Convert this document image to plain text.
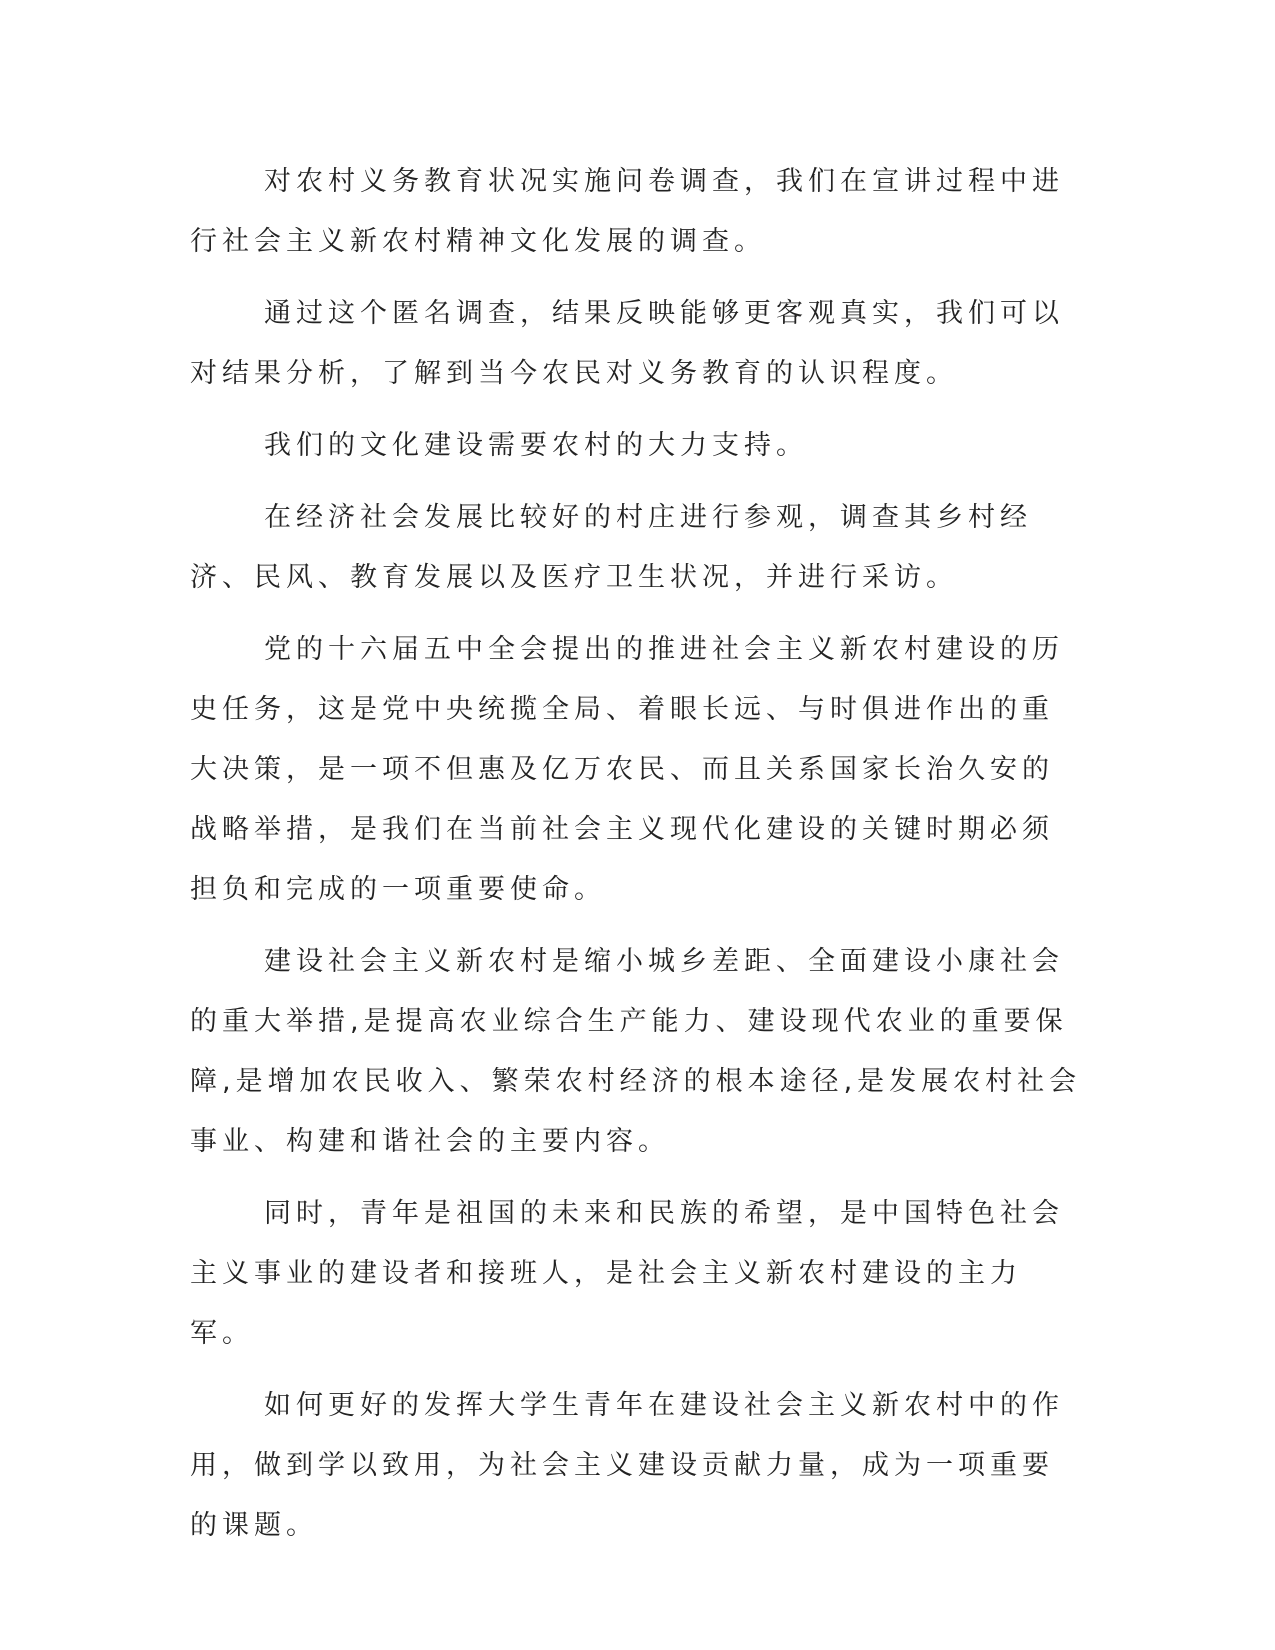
对农村义务教育状况实施问卷调查，我们在宣讲过程中进行社会主义新农村精神文化发展的调查。

通过这个匿名调查，结果反映能够更客观真实，我们可以对结果分析，了解到当今农民对义务教育的认识程度。

我们的文化建设需要农村的大力支持。

在经济社会发展比较好的村庄进行参观，调查其乡村经济、民风、教育发展以及医疗卫生状况，并进行采访。

党的十六届五中全会提出的推进社会主义新农村建设的历史任务，这是党中央统揽全局、着眼长远、与时俱进作出的重大决策，是一项不但惠及亿万农民、而且关系国家长治久安的战略举措，是我们在当前社会主义现代化建设的关键时期必须担负和完成的一项重要使命。

建设社会主义新农村是缩小城乡差距、全面建设小康社会的重大举措,是提高农业综合生产能力、建设现代农业的重要保障,是增加农民收入、繁荣农村经济的根本途径,是发展农村社会事业、构建和谐社会的主要内容。

同时，青年是祖国的未来和民族的希望，是中国特色社会主义事业的建设者和接班人，是社会主义新农村建设的主力军。

如何更好的发挥大学生青年在建设社会主义新农村中的作用，做到学以致用，为社会主义建设贡献力量，成为一项重要的课题。
